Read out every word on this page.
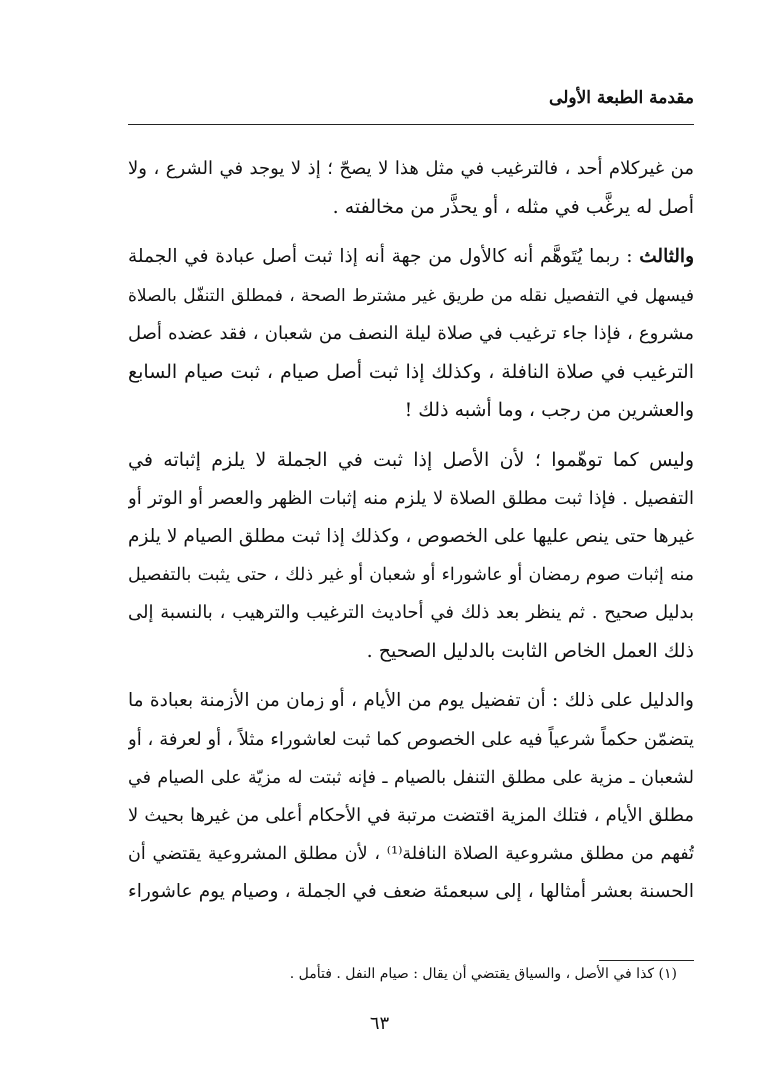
مقدمة الطبعة الأولى
من غيركلام أحد ، فالترغيب في مثل هذا لا يصحّ ؛ إذ لا يوجد في الشرع ، ولا
أصل له يرغَّب في مثله ، أو يحذَّر من مخالفته .
والثالث : ربما يُتَوهَّم أنه كالأول من جهة أنه إذا ثبت أصل عبادة في الجملة
فيسهل في التفصيل نقله من طريق غير مشترط الصحة ، فمطلق التنفّل بالصلاة
مشروع ، فإذا جاء ترغيب في صلاة ليلة النصف من شعبان ، فقد عضده أصل
الترغيب في صلاة النافلة ، وكذلك إذا ثبت أصل صيام ، ثبت صيام السابع
والعشرين من رجب ، وما أشبه ذلك !
وليس كما توهّموا ؛ لأن الأصل إذا ثبت في الجملة لا يلزم إثباته في
التفصيل . فإذا ثبت مطلق الصلاة لا يلزم منه إثبات الظهر والعصر أو الوتر أو
غيرها حتى ينص عليها على الخصوص ، وكذلك إذا ثبت مطلق الصيام لا يلزم
منه إثبات صوم رمضان أو عاشوراء أو شعبان أو غير ذلك ، حتى يثبت بالتفصيل
بدليل صحيح . ثم ينظر بعد ذلك في أحاديث الترغيب والترهيب ، بالنسبة إلى
ذلك العمل الخاص الثابت بالدليل الصحيح .
والدليل على ذلك : أن تفضيل يوم من الأيام ، أو زمان من الأزمنة بعبادة ما
يتضمّن حكماً شرعياً فيه على الخصوص كما ثبت لعاشوراء مثلاً ، أو لعرفة ، أو
لشعبان ـ مزية على مطلق التنفل بالصيام ـ فإنه ثبتت له مزيّة على الصيام في
مطلق الأيام ، فتلك المزية اقتضت مرتبة في الأحكام أعلى من غيرها بحيث لا
تُفهم من مطلق مشروعية الصلاة النافلة⁽¹⁾ ، لأن مطلق المشروعية يقتضي أن
الحسنة بعشر أمثالها ، إلى سبعمئة ضعف في الجملة ، وصيام يوم عاشوراء
(١) كذا في الأصل ، والسياق يقتضي أن يقال : صيام النفل . فتأمل .
٦٣
